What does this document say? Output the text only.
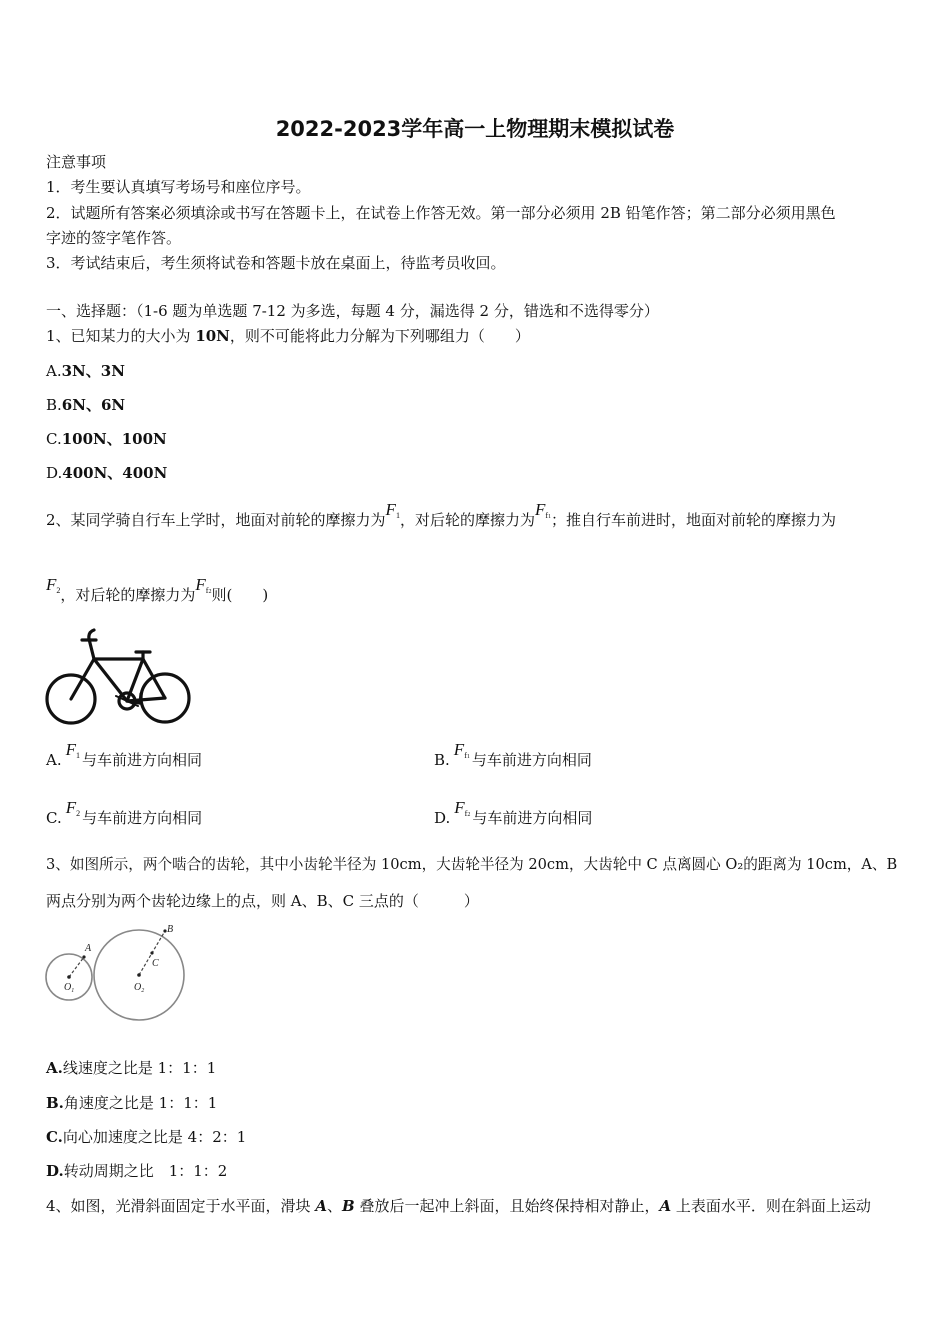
2022-2023学年高一上物理期末模拟试卷
注意事项
1．考生要认真填写考场号和座位序号。
2．试题所有答案必须填涂或书写在答题卡上，在试卷上作答无效。第一部分必须用 2B 铅笔作答；第二部分必须用黑色
字迹的签字笔作答。
3．考试结束后，考生须将试卷和答题卡放在桌面上，待监考员收回。
一、选择题：（1-6 题为单选题 7-12 为多选，每题 4 分，漏选得 2 分，错选和不选得零分）
1、已知某力的大小为 10N，则不可能将此力分解为下列哪组力（　　）
A.3N、3N
B.6N、6N
C.100N、100N
D.400N、400N
2、某同学骑自行车上学时，地面对前轮的摩擦力为$F_1$，对后轮的摩擦力为$F_{f1}$；推自行车前进时，地面对前轮的摩擦力为
$F_2$，对后轮的摩擦力为$F_{f2}$则(　　)
$A.F_1$ 与车前进方向相同	$B.F_{f1}$ 与车前进方向相同
$C.F_2$ 与车前进方向相同	$D.F_{f2}$ 与车前进方向相同
3、如图所示，两个啮合的齿轮，其中小齿轮半径为 10cm，大齿轮半径为 20cm，大齿轮中 C 点离圆心 O₂的距离为 10cm，A、B
两点分别为两个齿轮边缘上的点，则 A、B、C 三点的（　　　）
A
B
C
$O_1$	$O_2$
A.线速度之比是 1：1：1
B.角速度之比是 1：1：1
C.向心加速度之比是 4：2：1
D.转动周期之比　1：1：2
4、如图，光滑斜面固定于水平面，滑块 A、B 叠放后一起冲上斜面，且始终保持相对静止，A 上表面水平．则在斜面上运动
